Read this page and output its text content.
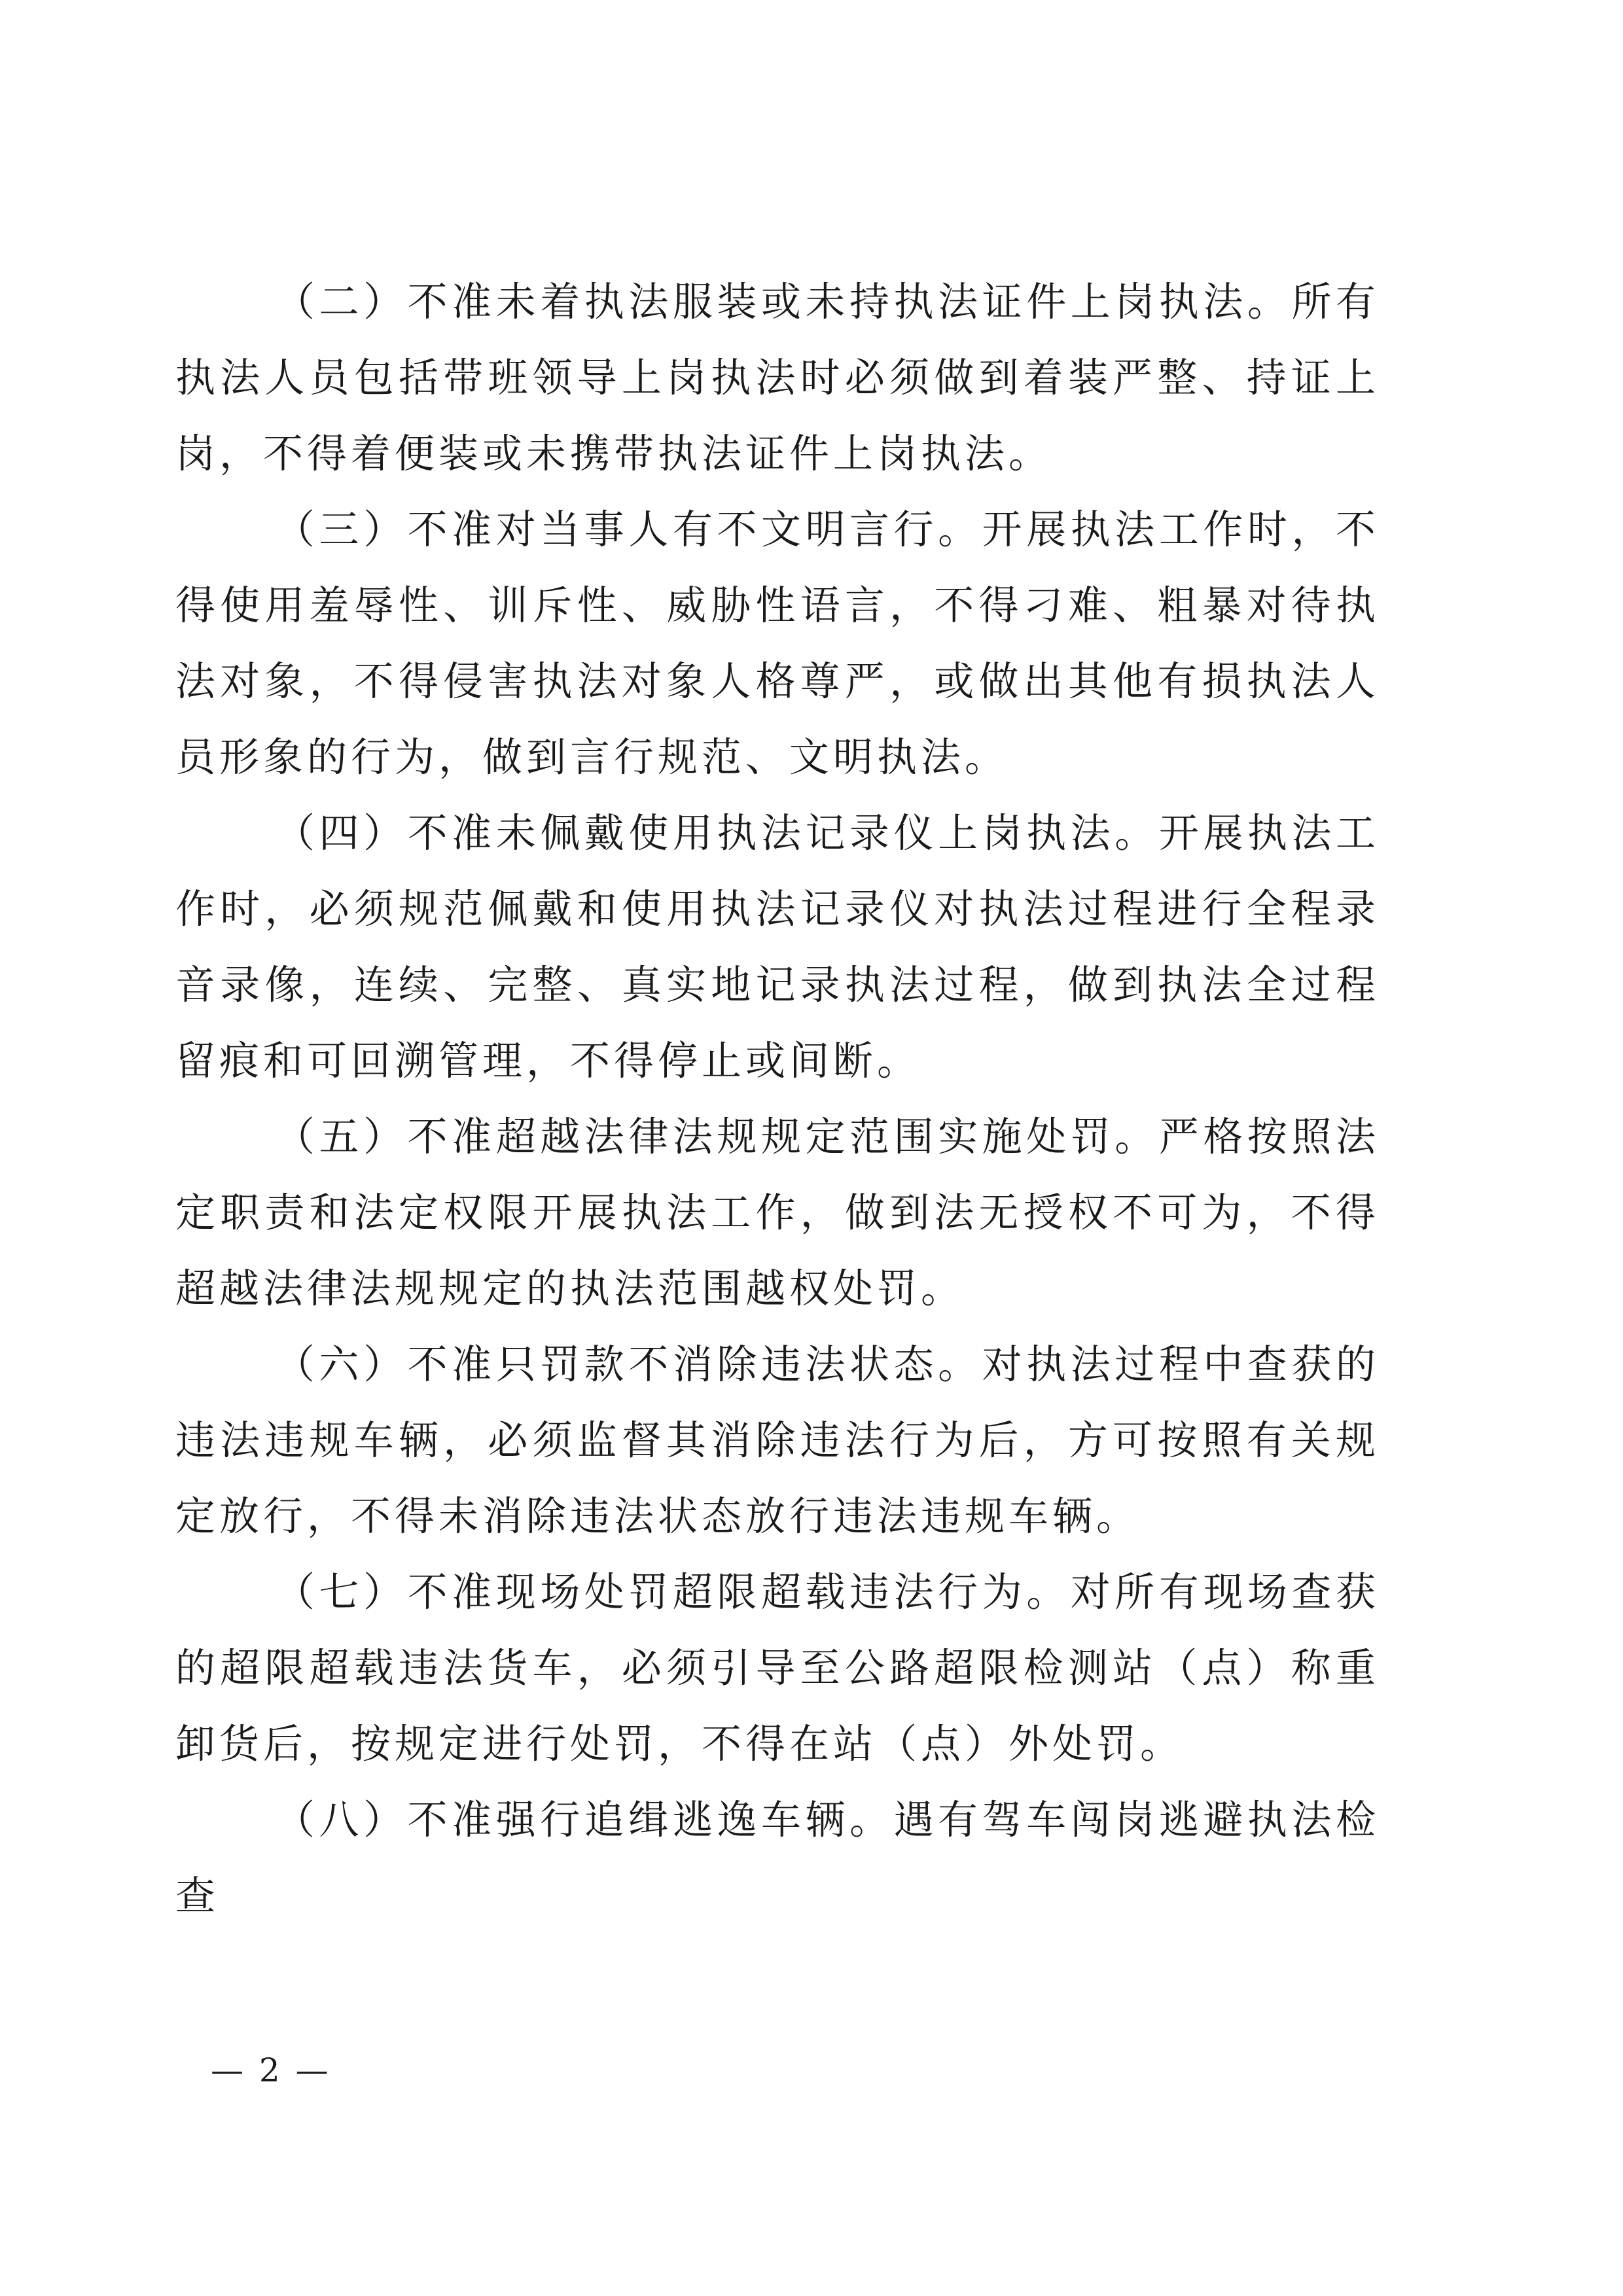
（二）不准未着执法服装或未持执法证件上岗执法。所有执法人员包括带班领导上岗执法时必须做到着装严整、持证上岗，不得着便装或未携带执法证件上岗执法。

（三）不准对当事人有不文明言行。开展执法工作时，不得使用羞辱性、训斥性、威胁性语言，不得刁难、粗暴对待执法对象，不得侵害执法对象人格尊严，或做出其他有损执法人员形象的行为，做到言行规范、文明执法。

（四）不准未佩戴使用执法记录仪上岗执法。开展执法工作时，必须规范佩戴和使用执法记录仪对执法过程进行全程录音录像，连续、完整、真实地记录执法过程，做到执法全过程留痕和可回溯管理，不得停止或间断。

（五）不准超越法律法规规定范围实施处罚。严格按照法定职责和法定权限开展执法工作，做到法无授权不可为，不得超越法律法规规定的执法范围越权处罚。

（六）不准只罚款不消除违法状态。对执法过程中查获的违法违规车辆，必须监督其消除违法行为后，方可按照有关规定放行，不得未消除违法状态放行违法违规车辆。

（七）不准现场处罚超限超载违法行为。对所有现场查获的超限超载违法货车，必须引导至公路超限检测站（点）称重卸货后，按规定进行处罚，不得在站（点）外处罚。

（八）不准强行追缉逃逸车辆。遇有驾车闯岗逃避执法检查

— 2 —
